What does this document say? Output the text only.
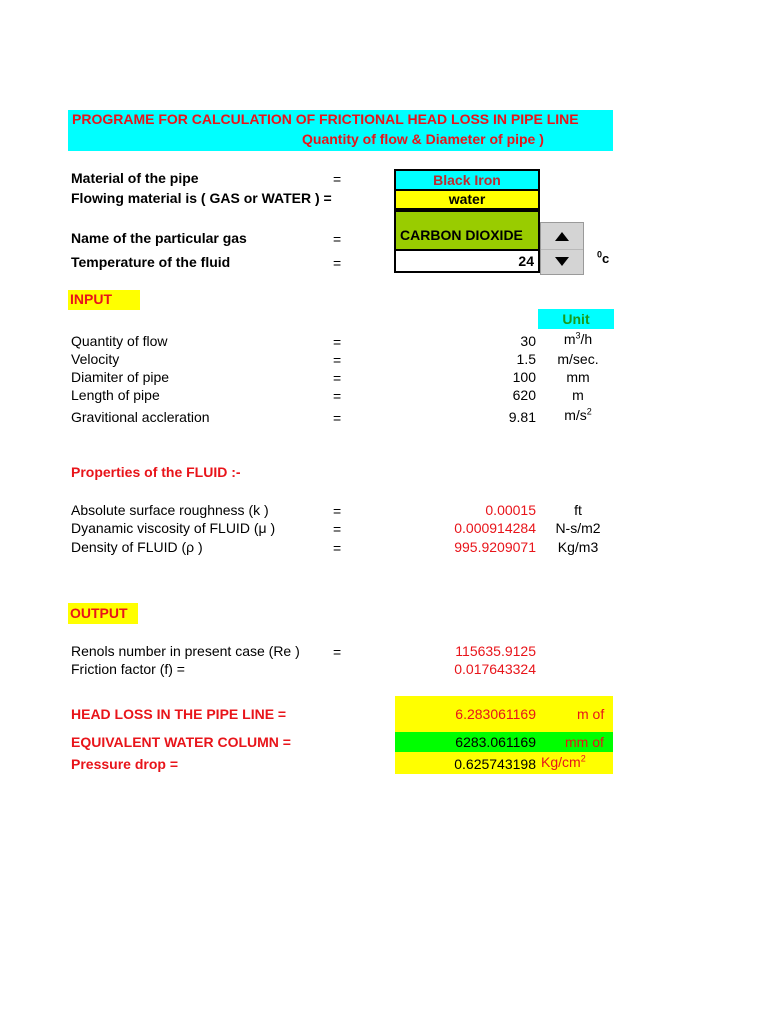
PROGRAME FOR CALCULATION OF FRICTIONAL HEAD LOSS IN PIPE LINE
Quantity of flow & Diameter of pipe )
Material of the pipe	=	Black Iron
Flowing material is ( GAS or WATER ) =	water
Name of the particular gas	=	CARBON DIOXIDE
Temperature of the fluid	=	24	$^0$c
INPUT
Unit
Quantity of flow	=	30	$m^3/h$
Velocity	=	1.5	m/sec.
Diamiter of pipe	=	100	mm
Length of pipe	=	620	m
Gravitional accleration	=	9.81	$m/s^2$
Properties of the FLUID :-
Absolute surface roughness (k )	=	0.00015	ft
Dyanamic viscosity of FLUID (μ )	=	0.000914284	N-s/m2
Density of FLUID (ρ )	=	995.9209071	Kg/m3
OUTPUT
Renols number in present case (Re ) =	115635.9125
Friction factor (f) =	0.017643324
HEAD LOSS IN THE PIPE LINE =	6.283061169	m of
EQUIVALENT WATER COLUMN =	6283.061169 mm of
Pressure drop =	0.625743198 $Kg/cm^2$
